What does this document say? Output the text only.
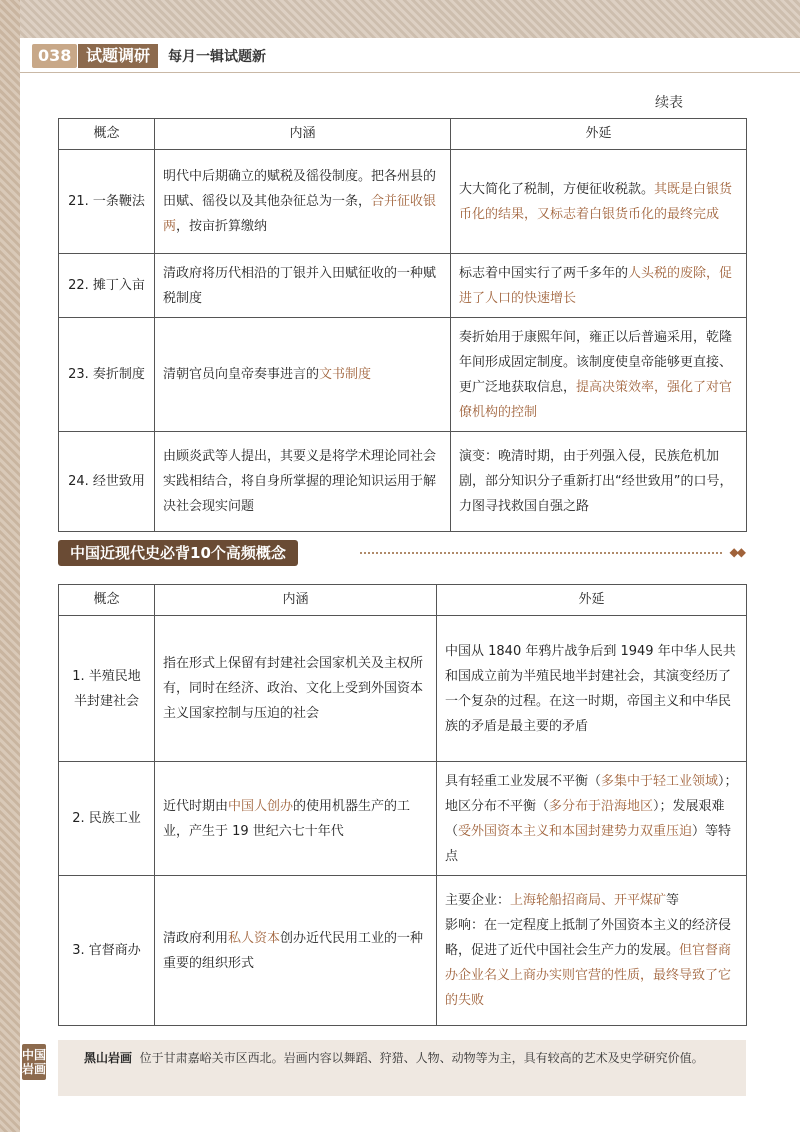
038 试题调研	每月一辑试题新
续表
概念	内涵	外延
21. 一条鞭法	明代中后期确立的赋税及徭役制度。把各州县的田赋、徭役以及其他杂征总为一条，合并征收银两，按亩折算缴纳	大大简化了税制，方便征收税款。其既是白银货币化的结果，又标志着白银货币化的最终完成
22. 摊丁入亩	清政府将历代相沿的丁银并入田赋征收的一种赋税制度	标志着中国实行了两千多年的人头税的废除，促进了人口的快速增长
23. 奏折制度	清朝官员向皇帝奏事进言的文书制度	奏折始用于康熙年间，雍正以后普遍采用，乾隆年间形成固定制度。该制度使皇帝能够更直接、更广泛地获取信息，提高决策效率，强化了对官僚机构的控制
24. 经世致用	由顾炎武等人提出，其要义是将学术理论同社会实践相结合，将自身所掌握的理论知识运用于解决社会现实问题	演变：晚清时期，由于列强入侵，民族危机加剧，部分知识分子重新打出“经世致用”的口号，力图寻找救国自强之路
中国近现代史必背10个高频概念	◆◆
概念	内涵	外延
1. 半殖民地半封建社会	指在形式上保留有封建社会国家机关及主权所有，同时在经济、政治、文化上受到外国资本主义国家控制与压迫的社会	中国从 1840 年鸦片战争后到 1949 年中华人民共和国成立前为半殖民地半封建社会，其演变经历了一个复杂的过程。在这一时期，帝国主义和中华民族的矛盾是最主要的矛盾
2. 民族工业	近代时期由中国人创办的使用机器生产的工业，产生于 19 世纪六七十年代	具有轻重工业发展不平衡（多集中于轻工业领域）；地区分布不平衡（多分布于沿海地区）；发展艰难（受外国资本主义和本国封建势力双重压迫）等特点
3. 官督商办	清政府利用私人资本创办近代民用工业的一种重要的组织形式	主要企业：上海轮船招商局、开平煤矿等
影响：在一定程度上抵制了外国资本主义的经济侵略，促进了近代中国社会生产力的发展。但官督商办企业名义上商办实则官营的性质，最终导致了它的失败
中国岩画
黑山岩画 位于甘肃嘉峪关市区西北。岩画内容以舞蹈、狩猎、人物、动物等为主，具有较高的艺术及史学研究价值。
